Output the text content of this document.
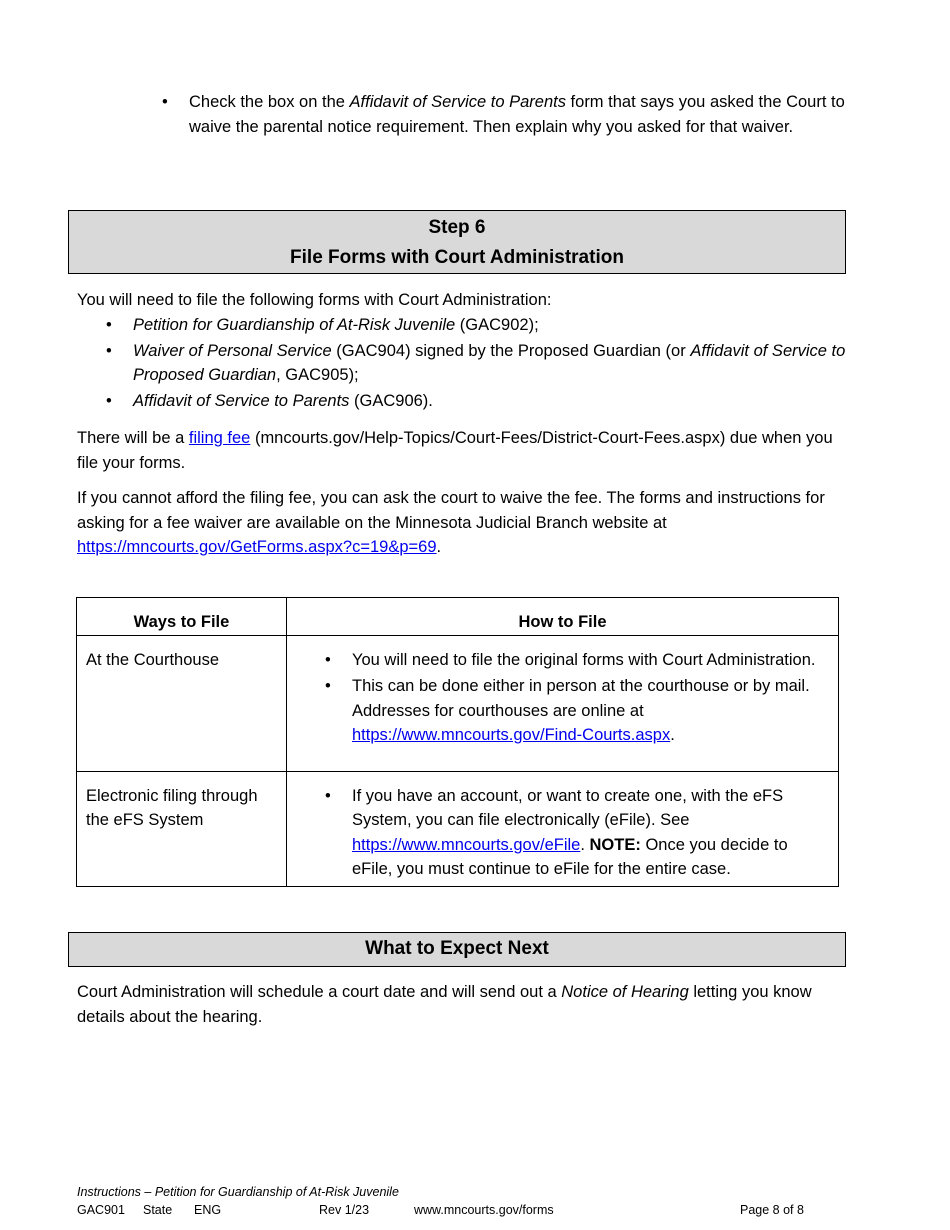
• Check the box on the Affidavit of Service to Parents form that says you asked the Court to waive the parental notice requirement. Then explain why you asked for that waiver.
Step 6
File Forms with Court Administration
You will need to file the following forms with Court Administration:
• Petition for Guardianship of At-Risk Juvenile (GAC902);
• Waiver of Personal Service (GAC904) signed by the Proposed Guardian (or Affidavit of Service to Proposed Guardian, GAC905);
• Affidavit of Service to Parents (GAC906).
There will be a filing fee (mncourts.gov/Help-Topics/Court-Fees/District-Court-Fees.aspx) due when you file your forms.
If you cannot afford the filing fee, you can ask the court to waive the fee. The forms and instructions for asking for a fee waiver are available on the Minnesota Judicial Branch website at https://mncourts.gov/GetForms.aspx?c=19&p=69.
Ways to File	How to File
At the Courthouse	• You will need to file the original forms with Court Administration.
• This can be done either in person at the courthouse or by mail. Addresses for courthouses are online at https://www.mncourts.gov/Find-Courts.aspx.

Electronic filing through the eFS System	• If you have an account, or want to create one, with the eFS System, you can file electronically (eFile). See https://www.mncourts.gov/eFile. NOTE: Once you decide to eFile, you must continue to eFile for the entire case.
What to Expect Next
Court Administration will schedule a court date and will send out a Notice of Hearing letting you know details about the hearing.
Instructions – Petition for Guardianship of At-Risk Juvenile
GAC901 State ENG	Rev 1/23	www.mncourts.gov/forms	Page 8 of 8
